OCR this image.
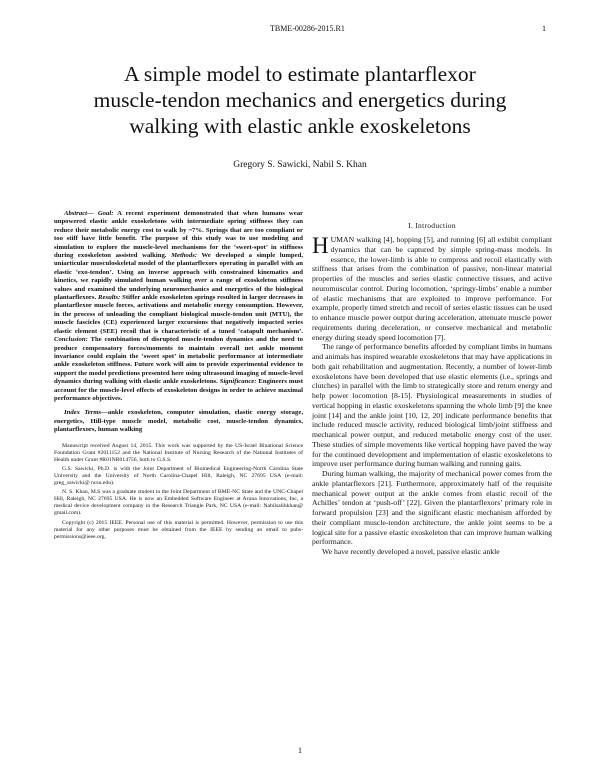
TBME-00286-2015.R1	1
A simple model to estimate plantarflexor
muscle-tendon mechanics and energetics during
walking with elastic ankle exoskeletons
Gregory S. Sawicki, Nabil S. Khan

Abstract— Goal: A recent experiment demonstrated that when humans wear unpowered elastic ankle exoskeletons with intermediate spring stiffness they can reduce their metabolic energy cost to walk by ~7%. Springs that are too compliant or too stiff have little benefit. The purpose of this study was to use modeling and simulation to explore the muscle-level mechanisms for the ‘sweet-spot’ in stiffness during exoskeleton assisted walking. Methods: We developed a simple lumped, uniarticular musculoskeletal model of the plantarflexors operating in parallel with an elastic ‘exo-tendon’. Using an inverse approach with constrained kinematics and kinetics, we rapidly simulated human walking over a range of exoskeleton stiffness values and examined the underlying neuromechanics and energetics of the biological plantarflexors. Results: Stiffer ankle exoskeleton springs resulted in larger decreases in plantarflexor muscle forces, activations and metabolic energy consumption. However, in the process of unloading the compliant biological muscle-tendon unit (MTU), the muscle fascicles (CE) experienced larger excursions that negatively impacted series elastic element (SEE) recoil that is characteristic of a tuned ‘catapult mechanism’. Conclusion: The combination of disrupted muscle-tendon dynamics and the need to produce compensatory forces/moments to maintain overall net ankle moment invariance could explain the ‘sweet spot’ in metabolic performance at intermediate ankle exoskeleton stiffness. Future work will aim to provide experimental evidence to support the model predictions presented here using ultrasound imaging of muscle-level dynamics during walking with elastic ankle exoskeletons. Significance: Engineers must account for the muscle-level effects of exoskeleton designs in order to achieve maximal performance objectives.

Index Terms—ankle exoskeleton, computer simulation, elastic energy storage, energetics, Hill-type muscle model, metabolic cost, muscle-tendon dynamics, plantarflexors, human walking

Manuscript received August 14, 2015. This work was supported by the US-Israel Binational Science Foundation Grant #2011152 and the National Institute of Nursing Research of the National Institutes of Health under Grant #R01NR014756, both to G.S.S.

G.S. Sawicki, Ph.D. is with the Joint Department of Biomedical Engineering-North Carolina State University and the University of North Carolina-Chapel Hill, Raleigh, NC 27695 USA (e-mail: greg_sawicki@ ncsu.edu).

N. S. Khan, M.S was a graduate student in the Joint Department of BME-NC State and the UNC-Chapel Hill, Raleigh, NC 27695 USA. He is now an Embedded Software Engineer at Aruna Innovations, Inc, a medical device development company in the Research Triangle Park, NC USA (e-mail: Nabilsalihkhan@ gmail.com).

Copyright (c) 2015 IEEE. Personal use of this material is permitted. However, permission to use this material for any other purposes must be obtained from the IEEE by sending an email to pubs-permissions@ieee.org.

I. Introduction

HUMAN walking [4], hopping [5], and running [6] all exhibit compliant dynamics that can be captured by simple spring-mass models. In essence, the lower-limb is able to compress and recoil elastically with stiffness that arises from the combination of passive, non-linear material properties of the muscles and series elastic connective tissues, and active neuromuscular control. During locomotion, ‘springy-limbs’ enable a number of elastic mechanisms that are exploited to improve performance. For example, properly timed stretch and recoil of series elastic tissues can be used to enhance muscle power output during acceleration, attenuate muscle power requirements during deceleration, or conserve mechanical and metabolic energy during steady speed locomotion [7].

The range of performance benefits afforded by compliant limbs in humans and animals has inspired wearable exoskeletons that may have applications in both gait rehabilitation and augmentation. Recently, a number of lower-limb exoskeletons have been developed that use elastic elements (i.e., springs and clutches) in parallel with the limb to strategically store and return energy and help power locomotion [8-15]. Physiological measurements in studies of vertical hopping in elastic exoskeletons spanning the whole limb [9] the knee joint [14] and the ankle joint [10, 12, 20] indicate performance benefits that include reduced muscle activity, reduced biological limb/joint stiffness and mechanical power output, and reduced metabolic energy cost of the user. These studies of simple movements like vertical hopping have paved the way for the continued development and implementation of elastic exoskeletons to improve user performance during human walking and running gaits.

During human walking, the majority of mechanical power comes from the ankle plantarflexors [21]. Furthermore, approximately half of the requisite mechanical power output at the ankle comes from elastic recoil of the Achilles’ tendon at ‘push-off’ [22]. Given the plantarflexors’ primary role in forward propulsion [23] and the significant elastic mechanism afforded by their compliant muscle-tendon architecture, the ankle joint seems to be a logical site for a passive elastic exoskeleton that can improve human walking performance.

We have recently developed a novel, passive elastic ankle

1
